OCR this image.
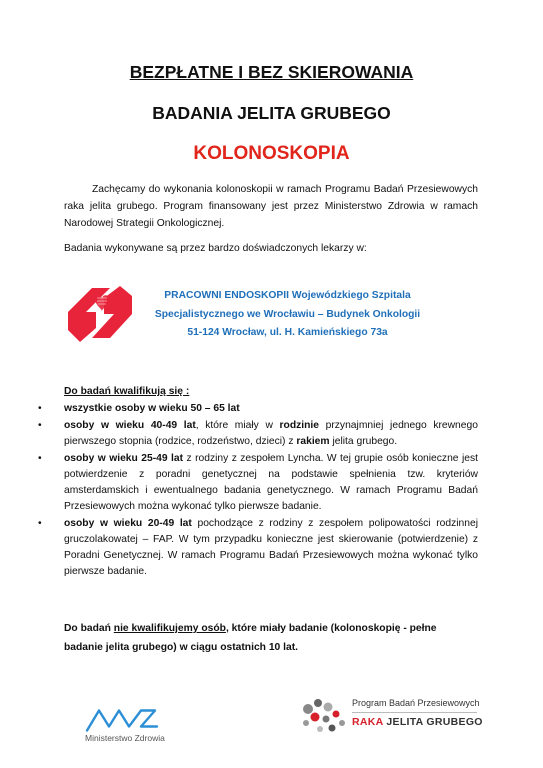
BEZPŁATNE I BEZ SKIEROWANIA
BADANIA JELITA GRUBEGO
KOLONOSKOPIA
Zachęcamy do wykonania kolonoskopii w ramach Programu Badań Przesiewowych raka jelita grubego. Program finansowany jest przez Ministerstwo Zdrowia w ramach Narodowej Strategii Onkologicznej.
Badania wykonywane są przez bardzo doświadczonych lekarzy w:
PRACOWNI ENDOSKOPII Wojewódzkiego Szpitala
Specjalistycznego we Wrocławiu – Budynek Onkologii
51-124 Wrocław, ul. H. Kamieńskiego 73a
Do badań kwalifikują się :
• wszystkie osoby w wieku 50 – 65 lat
• osoby w wieku 40-49 lat, które miały w rodzinie przynajmniej jednego krewnego pierwszego stopnia (rodzice, rodzeństwo, dzieci) z rakiem jelita grubego.
• osoby w wieku 25-49 lat z rodziny z zespołem Lyncha. W tej grupie osób konieczne jest potwierdzenie z poradni genetycznej na podstawie spełnienia tzw. kryteriów amsterdamskich i ewentualnego badania genetycznego. W ramach Programu Badań Przesiewowych można wykonać tylko pierwsze badanie.
• osoby w wieku 20-49 lat pochodzące z rodziny z zespołem polipowatości rodzinnej gruczolakowatej – FAP. W tym przypadku konieczne jest skierowanie (potwierdzenie) z Poradni Genetycznej. W ramach Programu Badań Przesiewowych można wykonać tylko pierwsze badanie.
Do badań nie kwalifikujemy osób, które miały badanie (kolonoskopię - pełne badanie jelita grubego) w ciągu ostatnich 10 lat.
Ministerstwo Zdrowia
Program Badań Przesiewowych
RAKA JELITA GRUBEGO
